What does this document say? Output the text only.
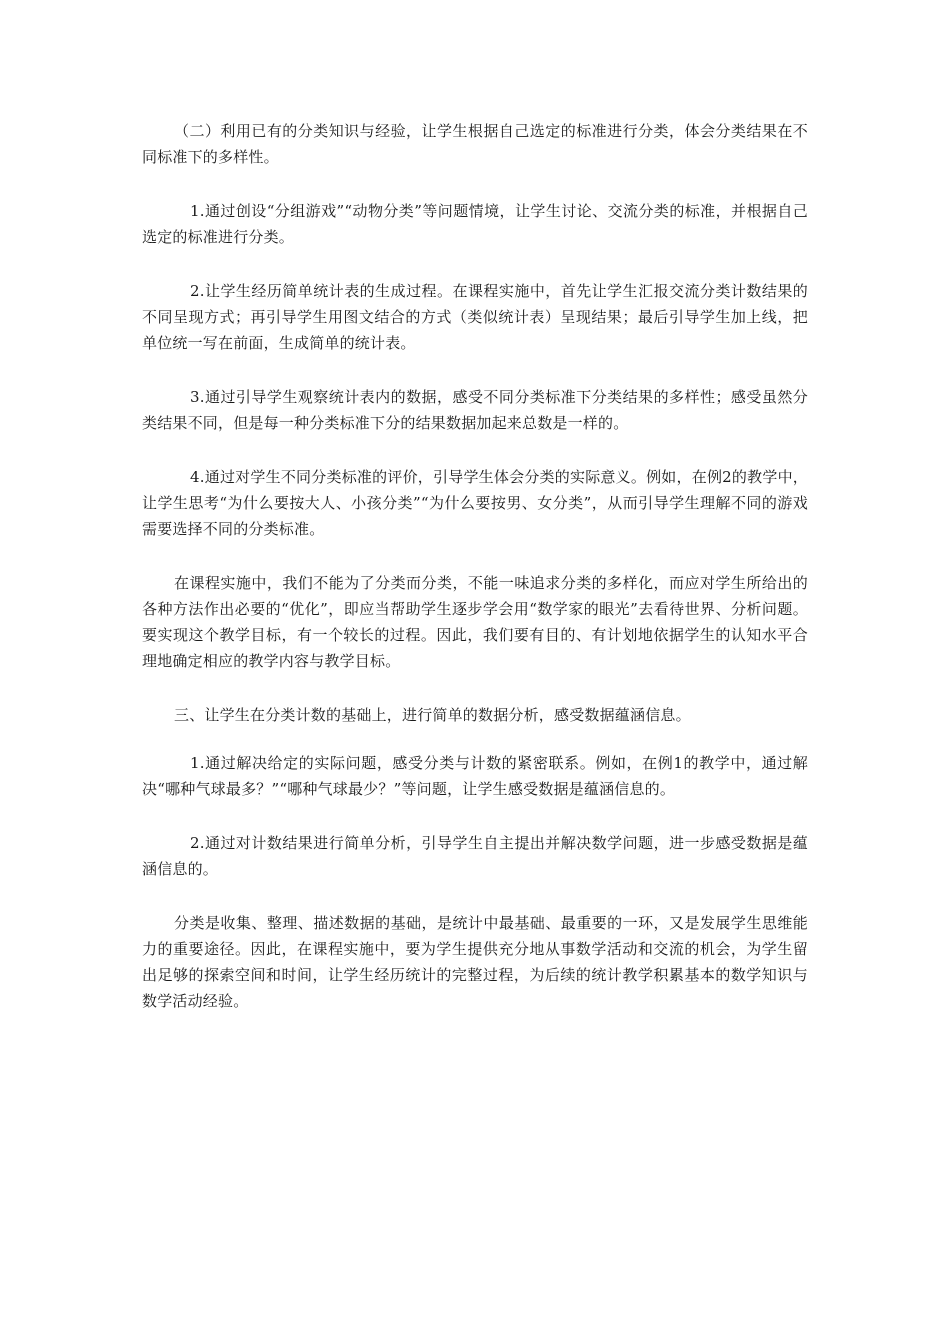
（二）利用已有的分类知识与经验，让学生根据自己选定的标准进行分类，体会分类结果在不同标准下的多样性。

1.通过创设“分组游戏”“动物分类”等问题情境，让学生讨论、交流分类的标准，并根据自己选定的标准进行分类。

2.让学生经历简单统计表的生成过程。在课程实施中，首先让学生汇报交流分类计数结果的不同呈现方式；再引导学生用图文结合的方式（类似统计表）呈现结果；最后引导学生加上线，把单位统一写在前面，生成简单的统计表。

3.通过引导学生观察统计表内的数据，感受不同分类标准下分类结果的多样性；感受虽然分类结果不同，但是每一种分类标准下分的结果数据加起来总数是一样的。

4.通过对学生不同分类标准的评价，引导学生体会分类的实际意义。例如，在例2的教学中，让学生思考“为什么要按大人、小孩分类”“为什么要按男、女分类”，从而引导学生理解不同的游戏需要选择不同的分类标准。

在课程实施中，我们不能为了分类而分类，不能一味追求分类的多样化，而应对学生所给出的各种方法作出必要的“优化”，即应当帮助学生逐步学会用“数学家的眼光”去看待世界、分析问题。要实现这个教学目标，有一个较长的过程。因此，我们要有目的、有计划地依据学生的认知水平合理地确定相应的教学内容与教学目标。

三、让学生在分类计数的基础上，进行简单的数据分析，感受数据蕴涵信息。

1.通过解决给定的实际问题，感受分类与计数的紧密联系。例如，在例1的教学中，通过解决“哪种气球最多？”“哪种气球最少？”等问题，让学生感受数据是蕴涵信息的。

2.通过对计数结果进行简单分析，引导学生自主提出并解决数学问题，进一步感受数据是蕴涵信息的。

分类是收集、整理、描述数据的基础，是统计中最基础、最重要的一环，又是发展学生思维能力的重要途径。因此，在课程实施中，要为学生提供充分地从事数学活动和交流的机会，为学生留出足够的探索空间和时间，让学生经历统计的完整过程，为后续的统计教学积累基本的数学知识与数学活动经验。
